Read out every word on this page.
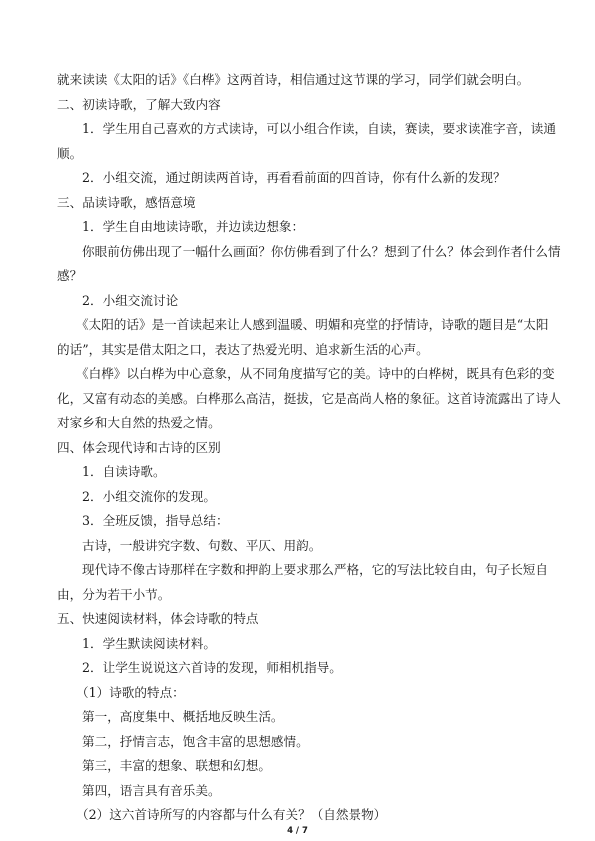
就来读读《太阳的话》《白桦》这两首诗，相信通过这节课的学习，同学们就会明白。
二、初读诗歌，了解大致内容
1．学生用自己喜欢的方式读诗，可以小组合作读，自读，赛读，要求读准字音，读通
顺。
2．小组交流，通过朗读两首诗，再看看前面的四首诗，你有什么新的发现？
三、品读诗歌，感悟意境
1．学生自由地读诗歌，并边读边想象：
你眼前仿佛出现了一幅什么画面？你仿佛看到了什么？想到了什么？体会到作者什么情
感？
2．小组交流讨论
《太阳的话》是一首读起来让人感到温暖、明媚和亮堂的抒情诗，诗歌的题目是“太阳
的话”，其实是借太阳之口，表达了热爱光明、追求新生活的心声。
《白桦》以白桦为中心意象，从不同角度描写它的美。诗中的白桦树，既具有色彩的变
化，又富有动态的美感。白桦那么高洁，挺拔，它是高尚人格的象征。这首诗流露出了诗人
对家乡和大自然的热爱之情。
四、体会现代诗和古诗的区别
1．自读诗歌。
2．小组交流你的发现。
3．全班反馈，指导总结：
古诗，一般讲究字数、句数、平仄、用韵。
现代诗不像古诗那样在字数和押韵上要求那么严格，它的写法比较自由，句子长短自
由，分为若干小节。
五、快速阅读材料，体会诗歌的特点
1．学生默读阅读材料。
2．让学生说说这六首诗的发现，师相机指导。
（1）诗歌的特点：
第一，高度集中、概括地反映生活。
第二，抒情言志，饱含丰富的思想感情。
第三，丰富的想象、联想和幻想。
第四，语言具有音乐美。
（2）这六首诗所写的内容都与什么有关？（自然景物）
4 / 7
